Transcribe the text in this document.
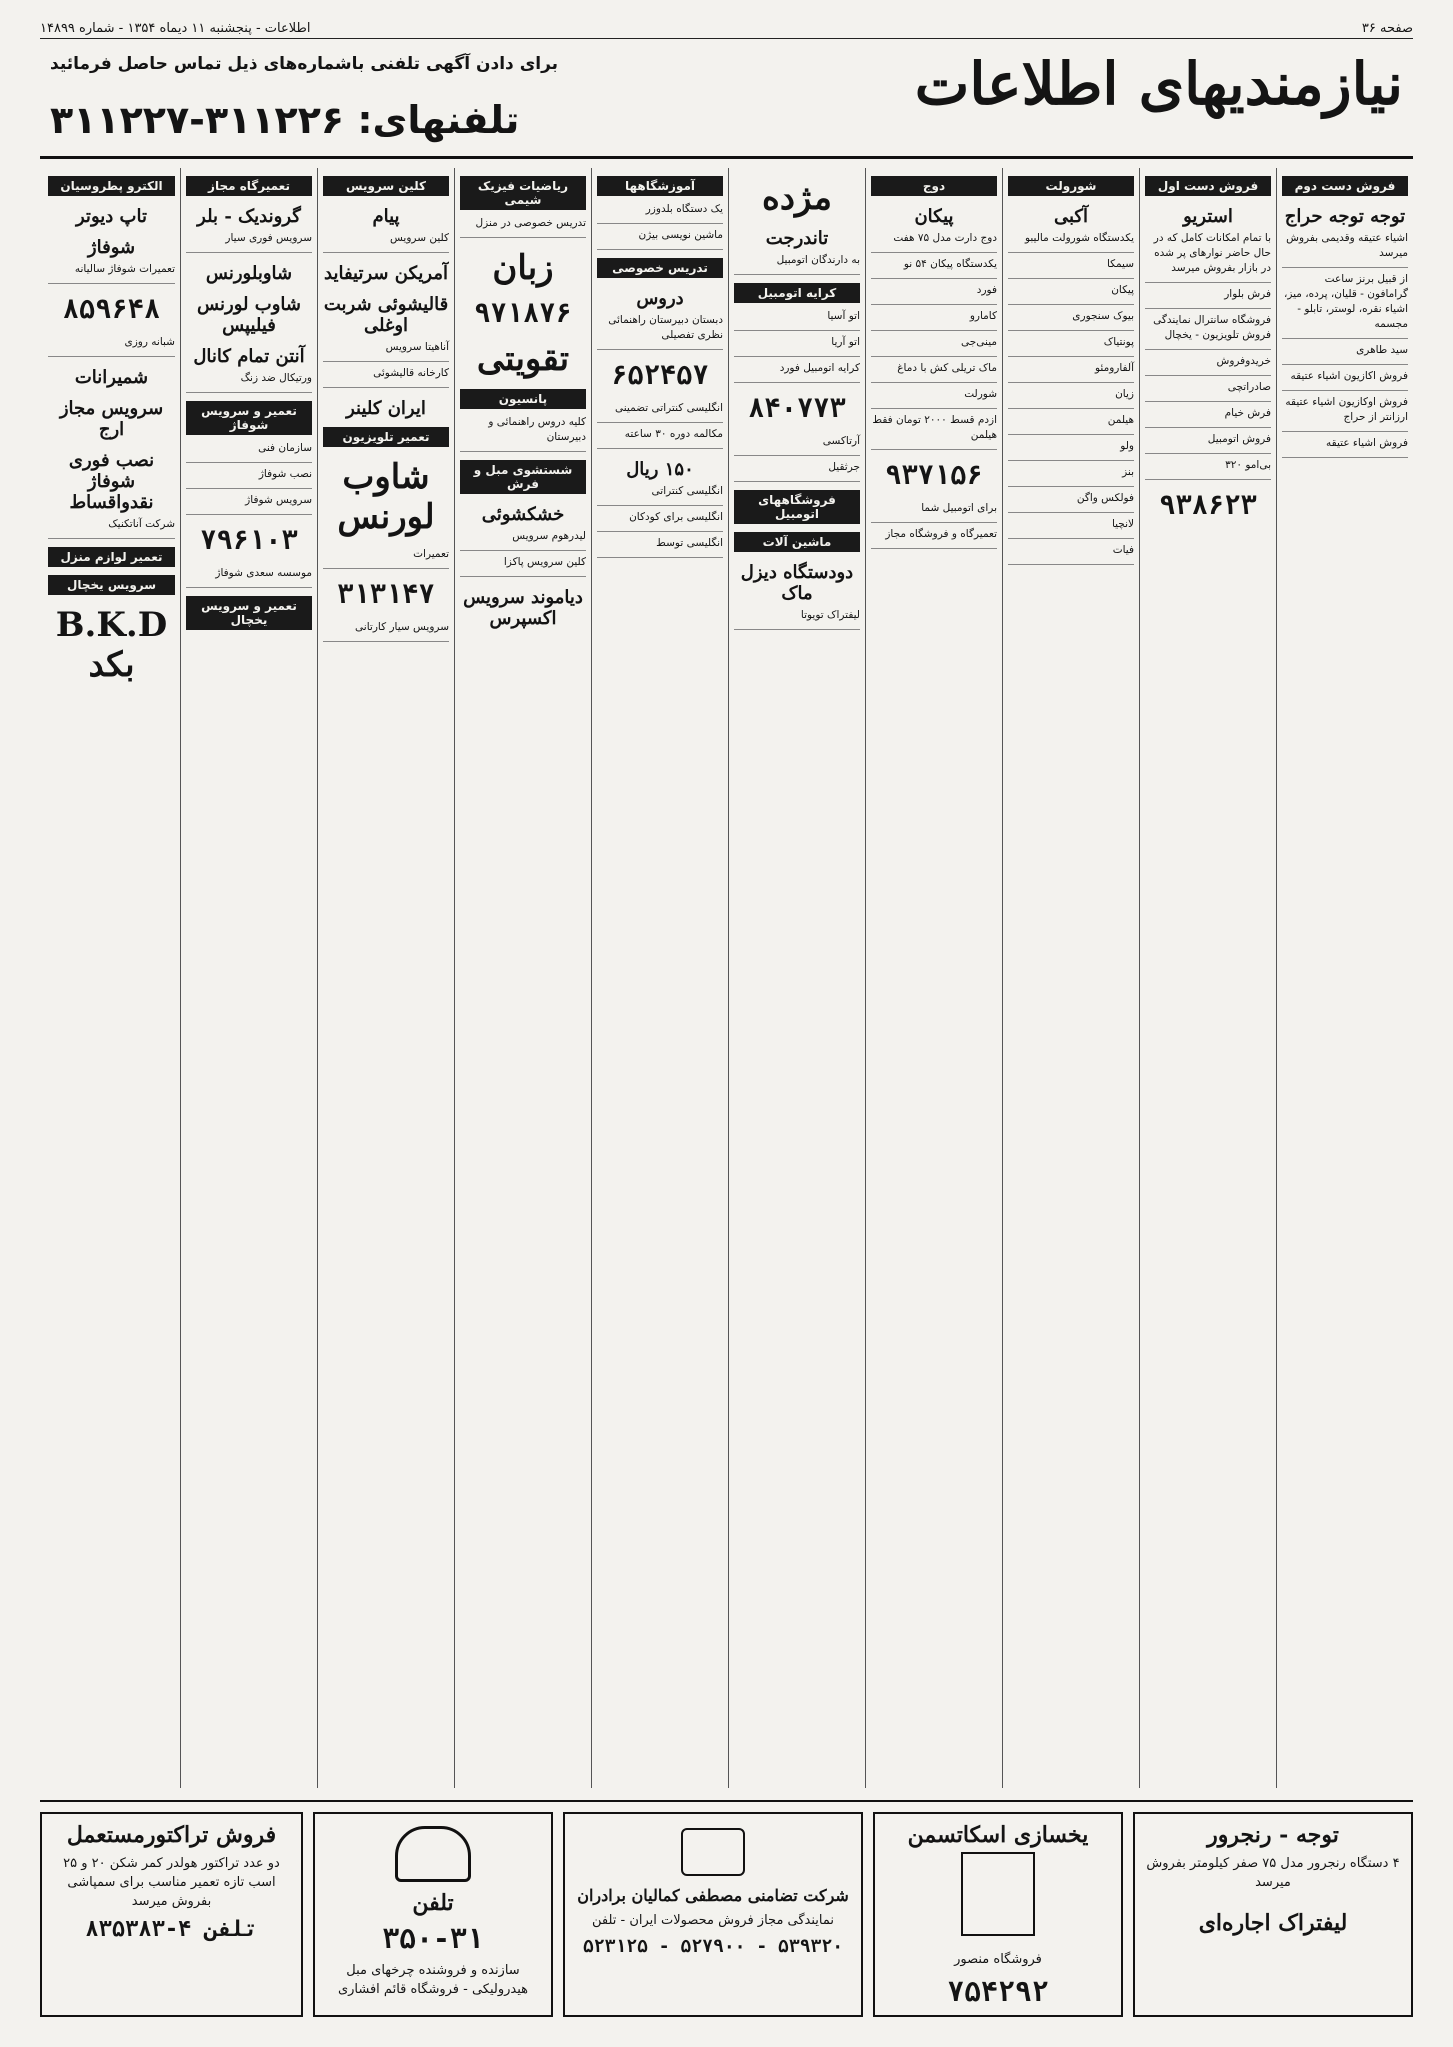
صفحه ۳۶
اطلاعات - پنجشنبه ۱۱ دیماه ۱۳۵۴ - شماره ۱۴۸۹۹
نیازمندیهای اطلاعات
برای دادن آگهی تلفنی باشماره‌های ذیل تماس حاصل فرمائید
تلفنهای: ۳۱۱۲۲۶-۳۱۱۲۲۷
فروش دست دوم
توجه توجه حراج
اشیاء عتیقه وقدیمی بفروش میرسد
از قبیل برنز ساعت گرامافون - قلیان، پرده، میز، اشیاء نقره، لوستر، تابلو - مجسمه
سید طاهری
فروش اکازیون اشیاء عتیقه
فروش اوکازیون اشیاء عتیقه ارزانتر از حراج
فروش اشیاء عتیقه
فروش دست اول
استریو
با تمام امکانات کامل که در حال حاضر نوارهای پر شده در بازار بفروش میرسد
فرش بلوار
فروشگاه سانترال نمایندگی فروش تلویزیون - یخچال
خریدوفروش
صادراتچی
فرش خیام
فروش اتومبیل
بی‌امو ۳۲۰
۹۳۸۶۲۳
شورولت
آکبی
یکدستگاه شورولت مالیبو
سیمکا
پیکان
بیوک سنجوری
پونتیاک
آلفارومئو
زیان
هیلمن
ولو
بنز
فولکس واگن
لانچیا
فیات
دوج
پیکان
دوج دارت مدل ۷۵ هفت
یکدستگاه پیکان ۵۴ نو
فورد
کامارو
مینی‌جی
ماک تریلی کش با دماغ
شورلت
ازدم قسط ۲۰۰۰ تومان فقط هیلمن
۹۳۷۱۵۶
برای اتومبیل شما
تعمیرگاه و فروشگاه مجاز
مژده
تاندرجت
به دارندگان اتومبیل
کرایه اتومبیل
اتو آسیا
اتو آریا
کرایه اتومبیل فورد
۸۴۰۷۷۳
آرتاکسی
جرثقیل
فروشگاههای اتومبیل
ماشین آلات
دودستگاه دیزل ماک
لیفتراک تویوتا
آموزشگاهها
یک دستگاه بلدوزر
ماشین نویسی بیژن
تدریس خصوصی
دروس
دبستان دبیرستان راهنمائی نظری تفصیلی
۶۵۲۴۵۷
انگلیسی کنتراتی تضمینی
مکالمه دوره ۳۰ ساعته
۱۵۰ ریال
انگلیسی کنتراتی
انگلیسی برای کودکان
انگلیسی توسط
ریاضیات فیزیک شیمی
تدریس خصوصی در منزل
زبان
۹۷۱۸۷۶
تقویتی
پانسیون
کلیه دروس راهنمائی و دبیرستان
شستشوی مبل و فرش
خشکشوئی
لیدرهوم سرویس
کلین سرویس پاکزا
دیاموند سرویس اکسپرس
کلین سرویس
پیام
کلین سرویس
آمریکن سرتیفاید
قالیشوئی شربت اوغلی
آناهیتا سرویس
کارخانه قالیشوئی
ایران کلینر
تعمیر تلویزیون
شاوب لورنس
تعمیرات
۳۱۳۱۴۷
سرویس سیار کارتانی
تعمیرگاه مجاز
گروندیک - بلر
سرویس فوری سیار
شاوبلورنس
شاوب لورنس فیلیپس
آنتن تمام کانال
ورتیکال ضد زنگ
تعمیر و سرویس شوفاژ
سازمان فنی
نصب شوفاژ
سرویس شوفاژ
۷۹۶۱۰۳
موسسه سعدی شوفاژ
تعمیر و سرویس یخچال
الکترو پطروسیان
تاپ دیوتر
شوفاژ
تعمیرات شوفاژ سالیانه
۸۵۹۶۴۸
شبانه روزی
شمیرانات
سرویس مجاز ارج
نصب فوری شوفاژ نقدواقساط
شرکت آناتکنیک
تعمیر لوازم منزل
سرویس یخچال
B.K.D بکد
توجه - رنجرور
۴ دستگاه رنجرور مدل ۷۵ صفر کیلومتر بفروش میرسد
لیفتراک اجاره‌ای
یخسازی اسکاتسمن
فروشگاه منصور
۷۵۴۲۹۲
شرکت تضامنی مصطفی کمالیان برادران
نمایندگی مجاز فروش محصولات ایران - تلفن
۵۲۳۱۲۵ - ۵۲۷۹۰۰ - ۵۳۹۳۲۰
تلفن
۳۵۰-۳۱
سازنده و فروشنده چرخهای مبل هیدرولیکی - فروشگاه قائم افشاری
فروش تراکتورمستعمل
دو عدد تراکتور هولدر کمر شکن ۲۰ و ۲۵ اسب تازه تعمیر مناسب برای سمپاشی بفروش میرسد
۸۳۵۳۸۳-۴ تلفن
